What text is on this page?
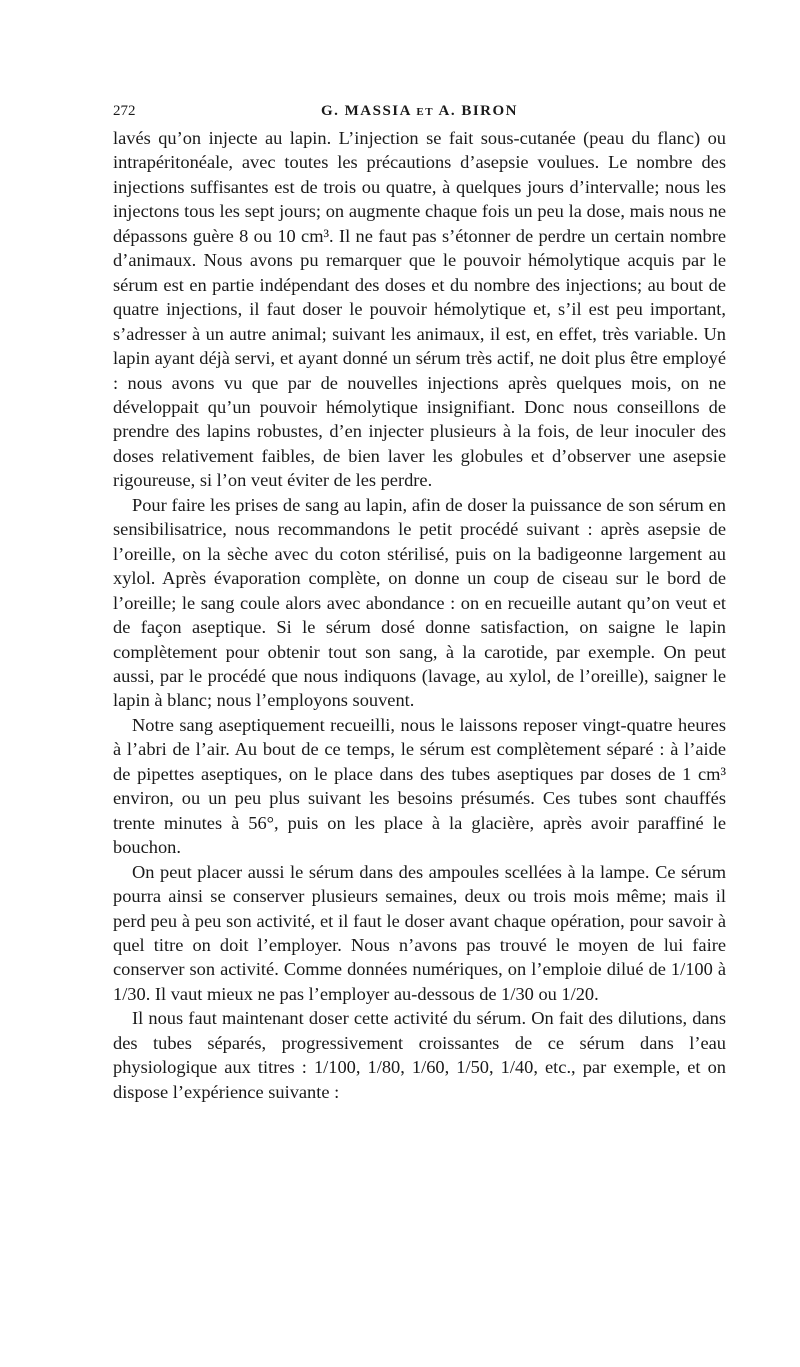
272	G. MASSIA et A. BIRON

lavés qu’on injecte au lapin. L’injection se fait sous-cutanée (peau du flanc) ou intrapéritonéale, avec toutes les précautions d’asepsie voulues. Le nombre des injections suffisantes est de trois ou quatre, à quelques jours d’intervalle; nous les injectons tous les sept jours; on augmente chaque fois un peu la dose, mais nous ne dépassons guère 8 ou 10 cm³. Il ne faut pas s’étonner de perdre un certain nombre d’animaux. Nous avons pu remarquer que le pouvoir hémolytique acquis par le sérum est en partie indépendant des doses et du nombre des injections; au bout de quatre injections, il faut doser le pouvoir hémolytique et, s’il est peu important, s’adresser à un autre animal; suivant les animaux, il est, en effet, très variable. Un lapin ayant déjà servi, et ayant donné un sérum très actif, ne doit plus être employé : nous avons vu que par de nouvelles injections après quelques mois, on ne développait qu’un pouvoir hémolytique insignifiant. Donc nous conseillons de prendre des lapins robustes, d’en injecter plusieurs à la fois, de leur inoculer des doses relativement faibles, de bien laver les globules et d’observer une asepsie rigoureuse, si l’on veut éviter de les perdre.

Pour faire les prises de sang au lapin, afin de doser la puissance de son sérum en sensibilisatrice, nous recommandons le petit procédé suivant : après asepsie de l’oreille, on la sèche avec du coton stérilisé, puis on la badigeonne largement au xylol. Après évaporation complète, on donne un coup de ciseau sur le bord de l’oreille; le sang coule alors avec abondance : on en recueille autant qu’on veut et de façon aseptique. Si le sérum dosé donne satisfaction, on saigne le lapin complètement pour obtenir tout son sang, à la carotide, par exemple. On peut aussi, par le procédé que nous indiquons (lavage, au xylol, de l’oreille), saigner le lapin à blanc; nous l’employons souvent.

Notre sang aseptiquement recueilli, nous le laissons reposer vingt-quatre heures à l’abri de l’air. Au bout de ce temps, le sérum est complètement séparé : à l’aide de pipettes aseptiques, on le place dans des tubes aseptiques par doses de 1 cm³ environ, ou un peu plus suivant les besoins présumés. Ces tubes sont chauffés trente minutes à 56°, puis on les place à la glacière, après avoir paraffiné le bouchon.

On peut placer aussi le sérum dans des ampoules scellées à la lampe. Ce sérum pourra ainsi se conserver plusieurs semaines, deux ou trois mois même; mais il perd peu à peu son activité, et il faut le doser avant chaque opération, pour savoir à quel titre on doit l’employer. Nous n’avons pas trouvé le moyen de lui faire conserver son activité. Comme données numériques, on l’emploie dilué de 1/100 à 1/30. Il vaut mieux ne pas l’employer au-dessous de 1/30 ou 1/20.

Il nous faut maintenant doser cette activité du sérum. On fait des dilutions, dans des tubes séparés, progressivement croissantes de ce sérum dans l’eau physiologique aux titres : 1/100, 1/80, 1/60, 1/50, 1/40, etc., par exemple, et on dispose l’expérience suivante :
